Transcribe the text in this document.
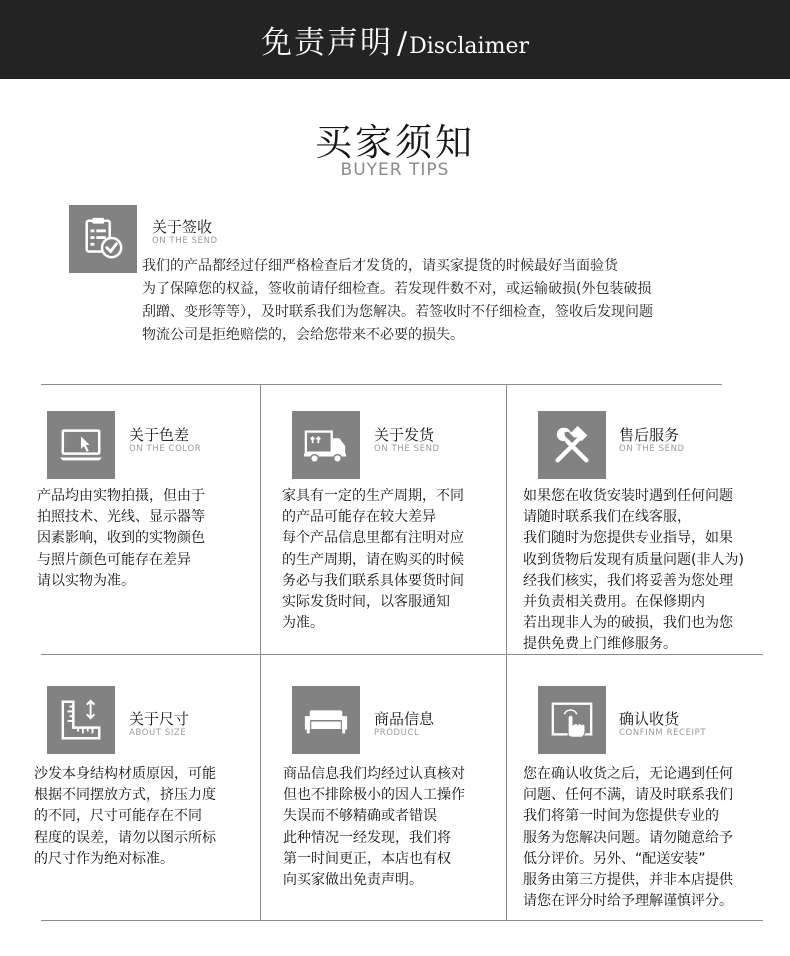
免责声明 /Disclaimer
买家须知
BUYER TIPS
关于签收
ON THE SEND

我们的产品都经过仔细严格检查后才发货的，请买家提货的时候最好当面验货

为了保障您的权益，签收前请仔细检查。若发现件数不对，或运输破损(外包装破损

刮蹭、变形等等），及时联系我们为您解决。若签收时不仔细检查，签收后发现问题

物流公司是拒绝赔偿的，会给您带来不必要的损失。

关于色差
ON THE COLOR

产品均由实物拍摄，但由于

拍照技术、光线、显示器等

因素影响，收到的实物颜色

与照片颜色可能存在差异

请以实物为准。

关于发货
ON THE SEND

家具有一定的生产周期，不同

的产品可能存在较大差异

每个产品信息里都有注明对应

的生产周期，请在购买的时候

务必与我们联系具体要货时间

实际发货时间，以客服通知

为准。

售后服务
ON THE SEND

如果您在收货安装时遇到任何问题

请随时联系我们在线客服，

我们随时为您提供专业指导，如果

收到货物后发现有质量问题(非人为)

经我们核实，我们将妥善为您处理

并负责相关费用。在保修期内

若出现非人为的破损，我们也为您

提供免费上门维修服务。

关于尺寸
ABOUT SIZE

沙发本身结构材质原因，可能

根据不同摆放方式，挤压力度

的不同，尺寸可能存在不同

程度的误差，请勿以图示所标

的尺寸作为绝对标准。

商品信息
PRODUCL

商品信息我们均经过认真核对

但也不排除极小的因人工操作

失误而不够精确或者错误

此种情况一经发现，我们将

第一时间更正，本店也有权

向买家做出免责声明。

确认收货
CONFINM RECEIPT

您在确认收货之后，无论遇到任何

问题、任何不满，请及时联系我们

我们将第一时间为您提供专业的

服务为您解决问题。请勿随意给予

低分评价。另外、“配送安装”

服务由第三方提供，并非本店提供

请您在评分时给予理解谨慎评分。
